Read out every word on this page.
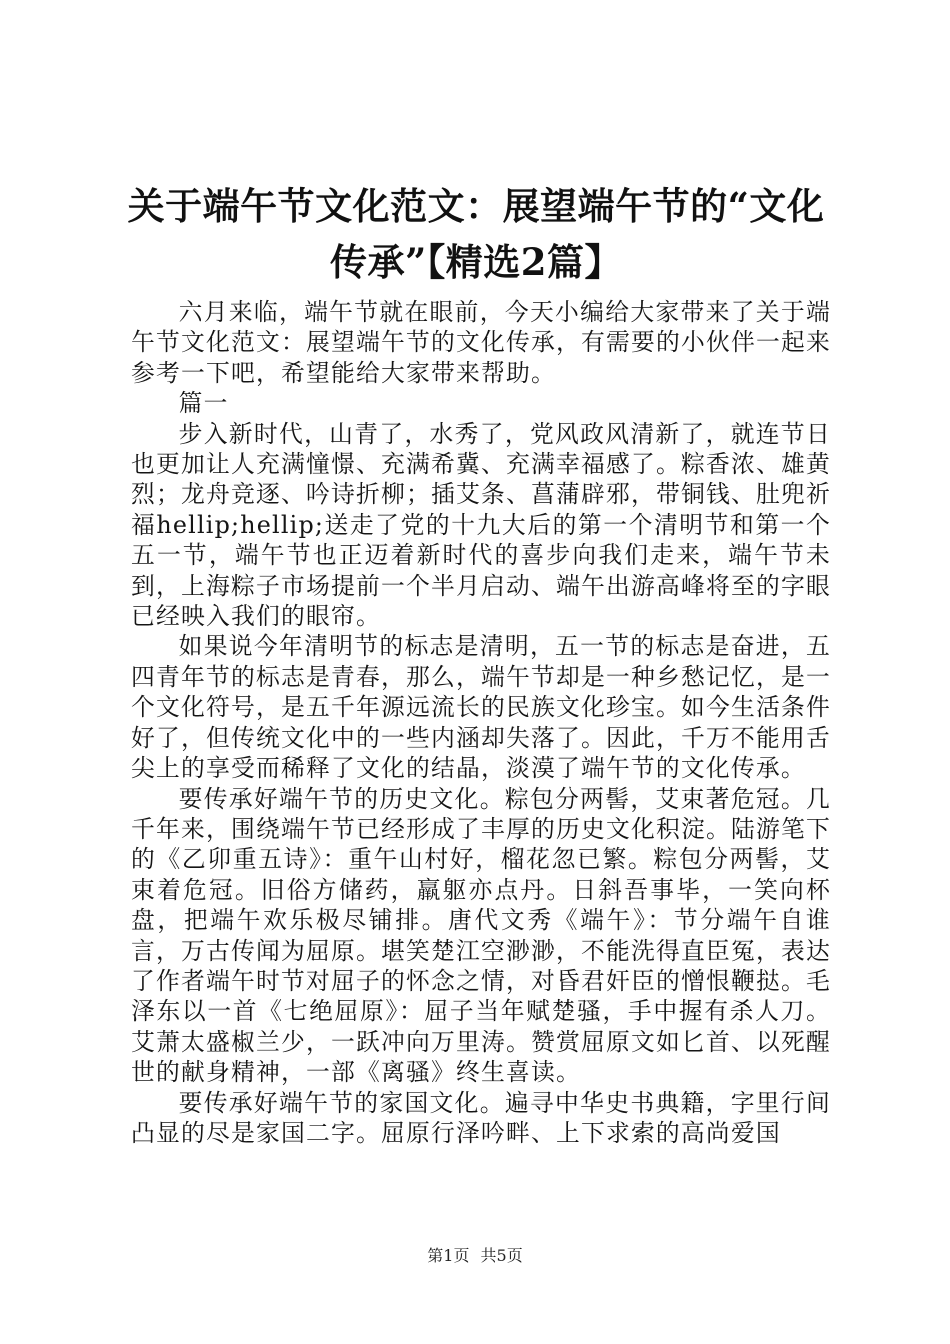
关于端午节文化范文：展望端午节的“文化传承”【精选2篇】

六月来临，端午节就在眼前，今天小编给大家带来了关于端午节文化范文：展望端午节的文化传承，有需要的小伙伴一起来参考一下吧，希望能给大家带来帮助。

篇一

步入新时代，山青了，水秀了，党风政风清新了，就连节日也更加让人充满憧憬、充满希冀、充满幸福感了。粽香浓、雄黄烈；龙舟竞逐、吟诗折柳；插艾条、菖蒲辟邪，带铜钱、肚兜祈福hellip;hellip;送走了党的十九大后的第一个清明节和第一个五一节，端午节也正迈着新时代的喜步向我们走来，端午节未到，上海粽子市场提前一个半月启动、端午出游高峰将至的字眼已经映入我们的眼帘。

如果说今年清明节的标志是清明，五一节的标志是奋进，五四青年节的标志是青春，那么，端午节却是一种乡愁记忆，是一个文化符号，是五千年源远流长的民族文化珍宝。如今生活条件好了，但传统文化中的一些内涵却失落了。因此，千万不能用舌尖上的享受而稀释了文化的结晶，淡漠了端午节的文化传承。

要传承好端午节的历史文化。粽包分两髻，艾束著危冠。几千年来，围绕端午节已经形成了丰厚的历史文化积淀。陆游笔下的《乙卯重五诗》：重午山村好，榴花忽已繁。粽包分两髻，艾束着危冠。旧俗方储药，羸躯亦点丹。日斜吾事毕，一笑向杯盘，把端午欢乐极尽铺排。唐代文秀《端午》：节分端午自谁言，万古传闻为屈原。堪笑楚江空渺渺，不能洗得直臣冤，表达了作者端午时节对屈子的怀念之情，对昏君奸臣的憎恨鞭挞。毛泽东以一首《七绝屈原》：屈子当年赋楚骚，手中握有杀人刀。艾萧太盛椒兰少，一跃冲向万里涛。赞赏屈原文如匕首、以死醒世的献身精神，一部《离骚》终生喜读。

要传承好端午节的家国文化。遍寻中华史书典籍，字里行间凸显的尽是家国二字。屈原行泽吟畔、上下求索的高尚爱国

第1页 共5页
